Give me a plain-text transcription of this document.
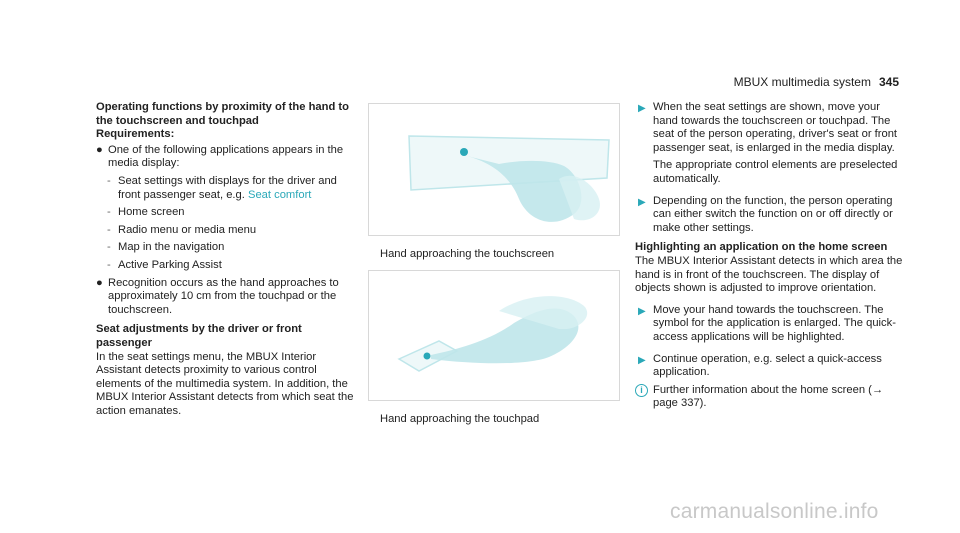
MBUX multimedia system 345

Operating functions by proximity of the hand to the touchscreen and touchpad

Requirements:

● One of the following applications appears in the media display:
- Seat settings with displays for the driver and front passenger seat, e.g. Seat comfort
- Home screen
- Radio menu or media menu
- Map in the navigation
- Active Parking Assist
● Recognition occurs as the hand approaches to approximately 10 cm from the touchpad or the touchscreen.

Seat adjustments by the driver or front passenger

In the seat settings menu, the MBUX Interior Assistant detects proximity to various control elements of the multimedia system. In addition, the MBUX Interior Assistant detects from which seat the action emanates.

Hand approaching the touchscreen
Hand approaching the touchpad
▶ When the seat settings are shown, move your hand towards the touchscreen or touchpad. The seat of the person operating, driver's seat or front passenger seat, is enlarged in the media display.

The appropriate control elements are preselected automatically.

▶ Depending on the function, the person operating can either switch the function on or off directly or make other settings.

Highlighting an application on the home screen

The MBUX Interior Assistant detects in which area the hand is in front of the touchscreen. The display of objects shown is adjusted to improve orientation.

▶ Move your hand towards the touchscreen. The symbol for the application is enlarged. The quick-access applications will be highlighted.
▶ Continue operation, e.g. select a quick-access application.
i Further information about the home screen (→ page 337).
carmanualsonline.info
